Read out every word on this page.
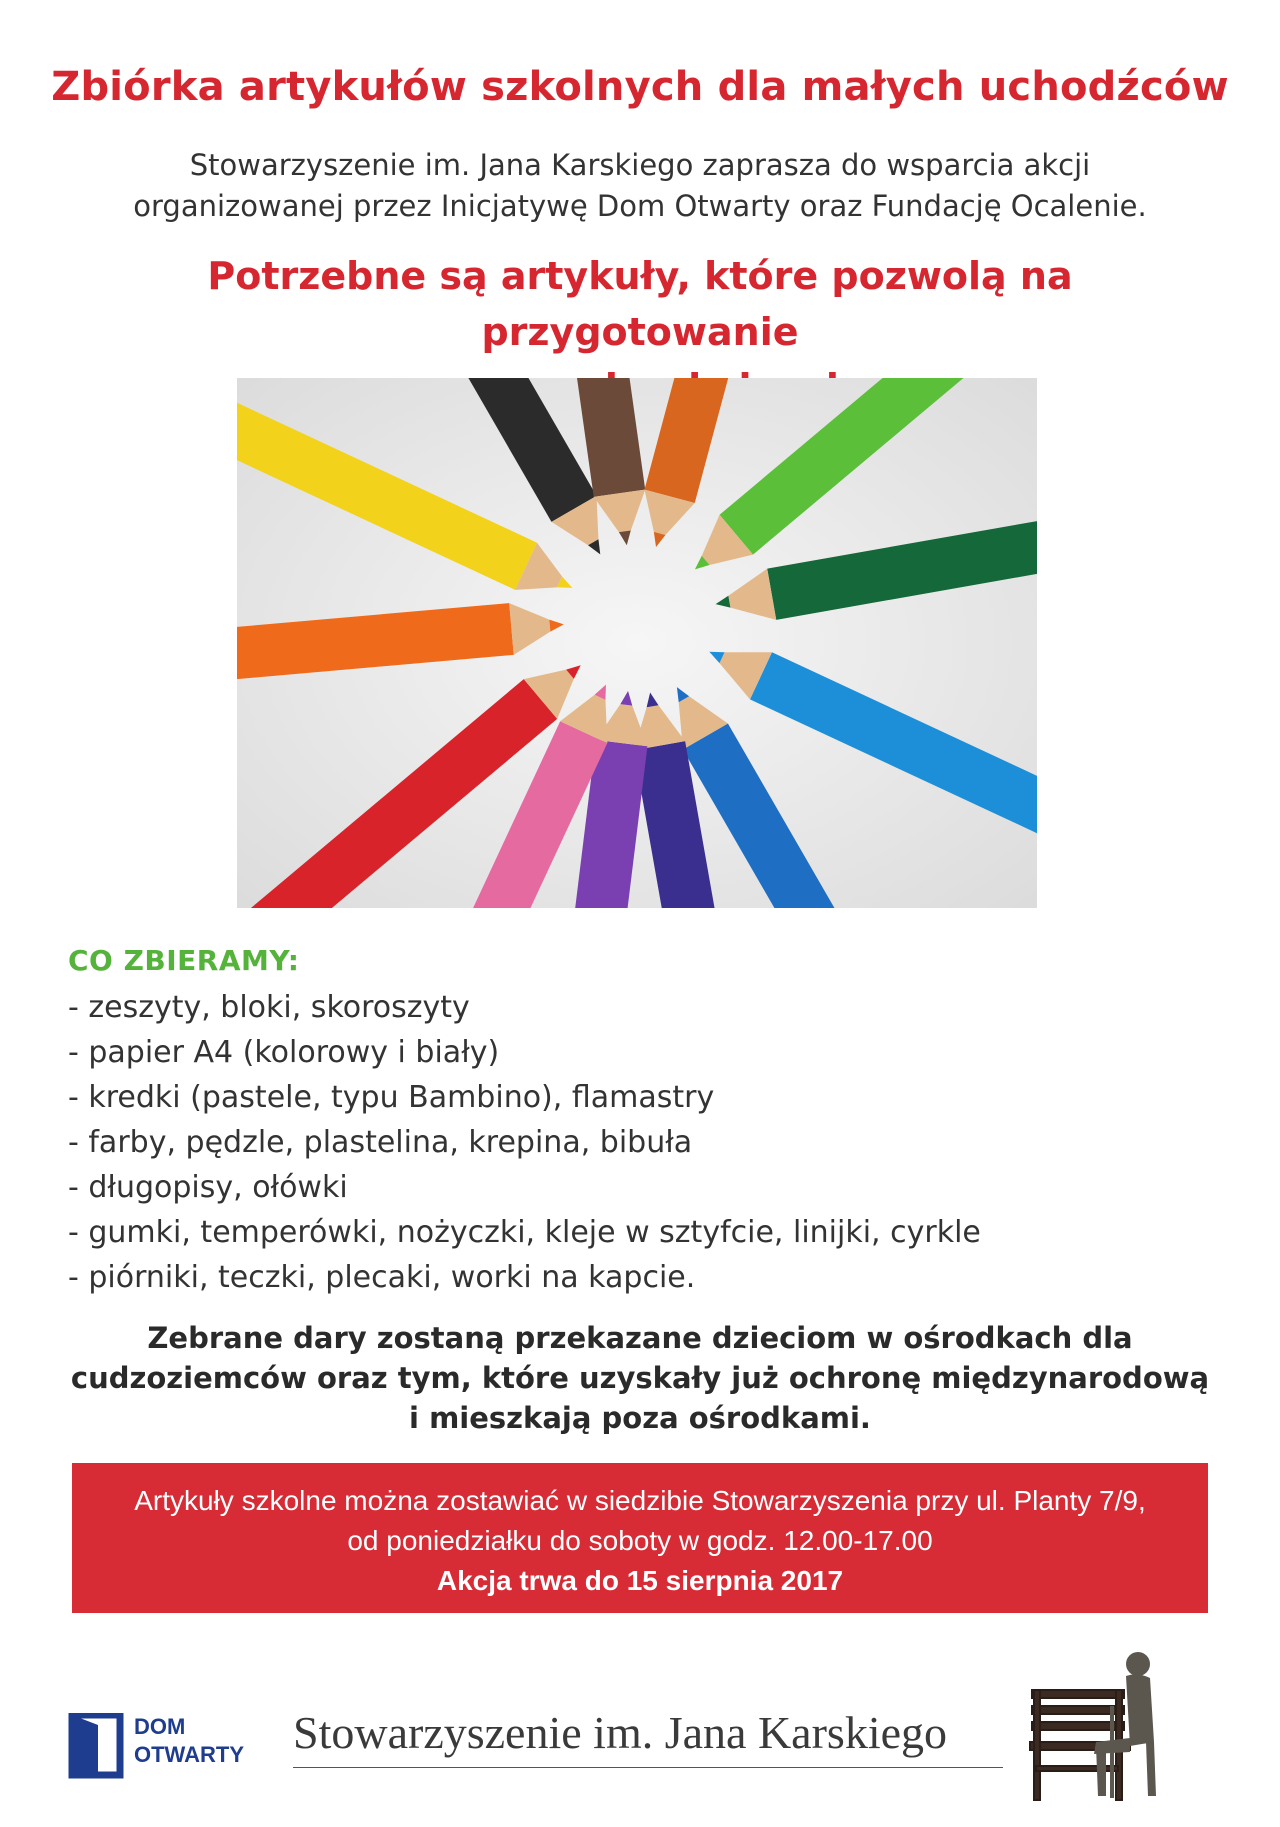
Zbiórka artykułów szkolnych dla małych uchodźców
Stowarzyszenie im. Jana Karskiego zaprasza do wsparcia akcji
organizowanej przez Inicjatywę Dom Otwarty oraz Fundację Ocalenie.
Potrzebne są artykuły, które pozwolą na przygotowanie
CO ZBIERAMY:
- zeszyty, bloki, skoroszyty
- papier A4 (kolorowy i biały)
- kredki (pastele, typu Bambino), flamastry
- farby, pędzle, plastelina, krepina, bibuła
- długopisy, ołówki
- gumki, temperówki, nożyczki, kleje w sztyfcie, linijki, cyrkle
- piórniki, teczki, plecaki, worki na kapcie.
Zebrane dary zostaną przekazane dzieciom w ośrodkach dla
cudzoziemców oraz tym, które uzyskały już ochronę międzynarodową
i mieszkają poza ośrodkami.
Artykuły szkolne można zostawiać w siedzibie Stowarzyszenia przy ul. Planty 7/9,
od poniedziałku do soboty w godz. 12.00-17.00
Akcja trwa do 15 sierpnia 2017
DOM
OTWARTY Stowarzyszenie im. Jana Karskiego
